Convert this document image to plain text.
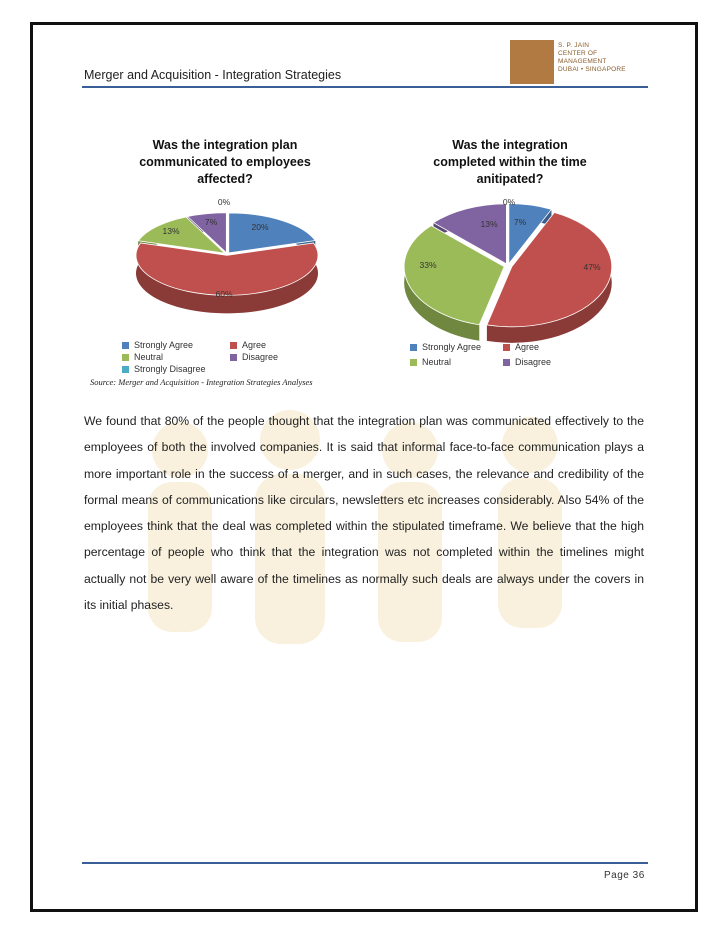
Merger and Acquisition - Integration Strategies
S. P. JAIN
CENTER OF
MANAGEMENT
DUBAI • SINGAPORE
Was the integration plan
communicated to employees
affected?
Was the integration
completed within the time
anitipated?
20%
60%
13%
7%
0%
7%
47%
33%
13%
0%
Strongly Agree	Agree
Neutral	Disagree
Strongly Disagree
Strongly Agree	Agree
Neutral	Disagree
Source: Merger and Acquisition - Integration Strategies Analyses
We found that 80% of the people thought that the integration plan was communicated effectively to the employees of both the involved companies. It is said that informal face-to-face communication plays a more important role in the success of a merger, and in such cases, the relevance and credibility of the formal means of communications like circulars, newsletters etc increases considerably. Also 54% of the employees think that the deal was completed within the stipulated timeframe. We believe that the high percentage of people who think that the integration was not completed within the timelines might actually not be very well aware of the timelines as normally such deals are always under the covers in its initial phases.
Page 36
